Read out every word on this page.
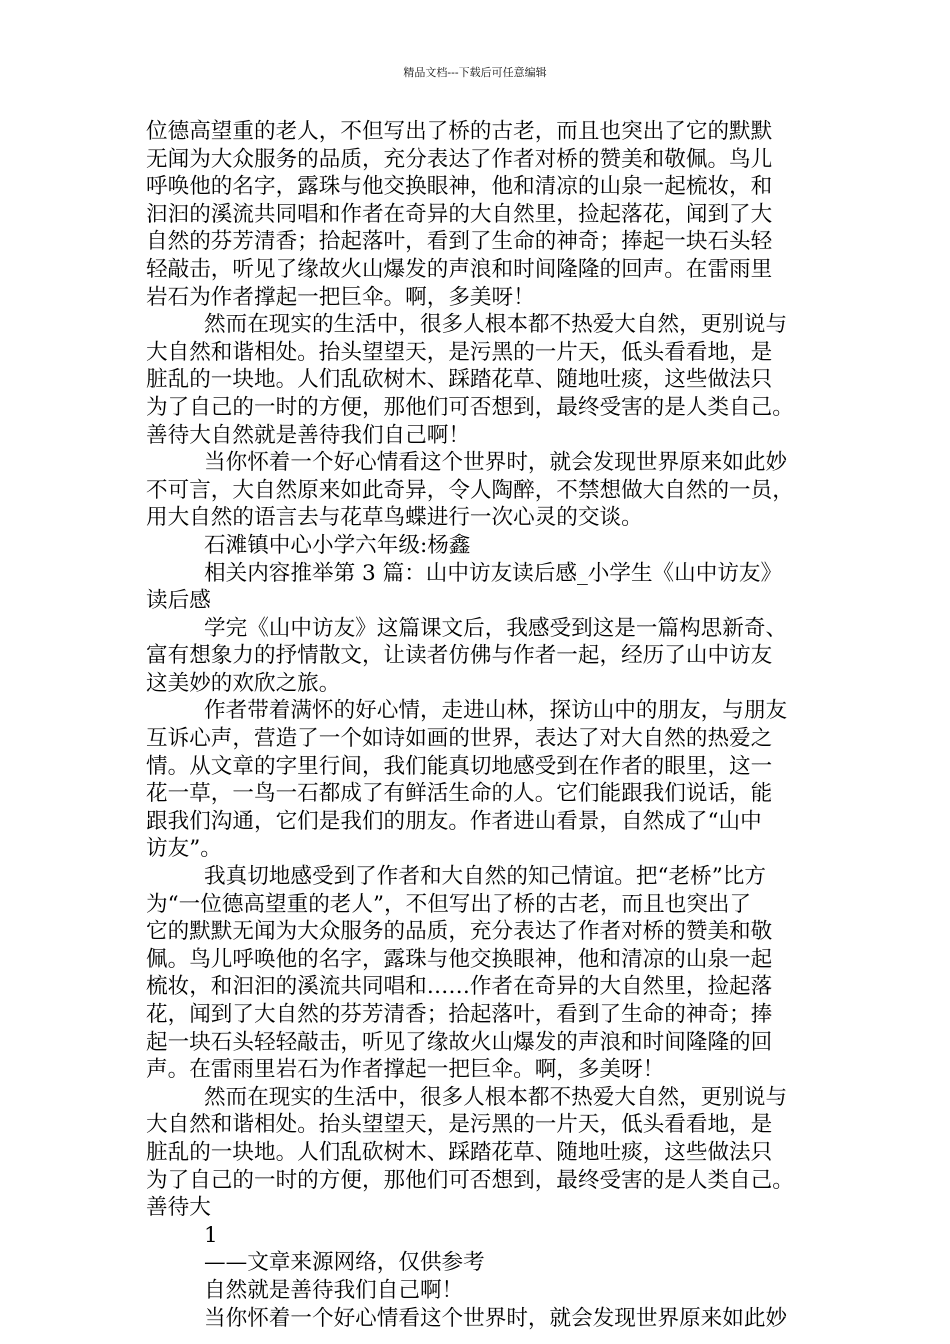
精品文档---下载后可任意编辑
位德高望重的老人，不但写出了桥的古老，而且也突出了它的默默
无闻为大众服务的品质，充分表达了作者对桥的赞美和敬佩。鸟儿
呼唤他的名字，露珠与他交换眼神，他和清凉的山泉一起梳妆，和
汩汩的溪流共同唱和作者在奇异的大自然里，捡起落花，闻到了大
自然的芬芳清香；拾起落叶，看到了生命的神奇；捧起一块石头轻
轻敲击，听见了缘故火山爆发的声浪和时间隆隆的回声。在雷雨里
岩石为作者撑起一把巨伞。啊，多美呀！
然而在现实的生活中，很多人根本都不热爱大自然，更别说与
大自然和谐相处。抬头望望天，是污黑的一片天，低头看看地，是
脏乱的一块地。人们乱砍树木、踩踏花草、随地吐痰，这些做法只
为了自己的一时的方便，那他们可否想到，最终受害的是人类自己。
善待大自然就是善待我们自己啊！
当你怀着一个好心情看这个世界时，就会发现世界原来如此妙
不可言，大自然原来如此奇异，令人陶醉，不禁想做大自然的一员，
用大自然的语言去与花草鸟蝶进行一次心灵的交谈。
石滩镇中心小学六年级:杨鑫
相关内容推举第 3 篇：山中访友读后感_小学生《山中访友》
读后感
学完《山中访友》这篇课文后，我感受到这是一篇构思新奇、
富有想象力的抒情散文，让读者仿佛与作者一起，经历了山中访友
这美妙的欢欣之旅。
作者带着满怀的好心情，走进山林，探访山中的朋友，与朋友
互诉心声，营造了一个如诗如画的世界，表达了对大自然的热爱之
情。从文章的字里行间，我们能真切地感受到在作者的眼里，这一
花一草，一鸟一石都成了有鲜活生命的人。它们能跟我们说话，能
跟我们沟通，它们是我们的朋友。作者进山看景，自然成了“山中
访友”。
我真切地感受到了作者和大自然的知己情谊。把“老桥”比方
为“一位德高望重的老人”，不但写出了桥的古老，而且也突出了
它的默默无闻为大众服务的品质，充分表达了作者对桥的赞美和敬
佩。鸟儿呼唤他的名字，露珠与他交换眼神，他和清凉的山泉一起
梳妆，和汩汩的溪流共同唱和……作者在奇异的大自然里，捡起落
花，闻到了大自然的芬芳清香；拾起落叶，看到了生命的神奇；捧
起一块石头轻轻敲击，听见了缘故火山爆发的声浪和时间隆隆的回
声。在雷雨里岩石为作者撑起一把巨伞。啊，多美呀！
然而在现实的生活中，很多人根本都不热爱大自然，更别说与
大自然和谐相处。抬头望望天，是污黑的一片天，低头看看地，是
脏乱的一块地。人们乱砍树木、踩踏花草、随地吐痰，这些做法只
为了自己的一时的方便，那他们可否想到，最终受害的是人类自己。
善待大
1
——文章来源网络，仅供参考
自然就是善待我们自己啊！
当你怀着一个好心情看这个世界时，就会发现世界原来如此妙
